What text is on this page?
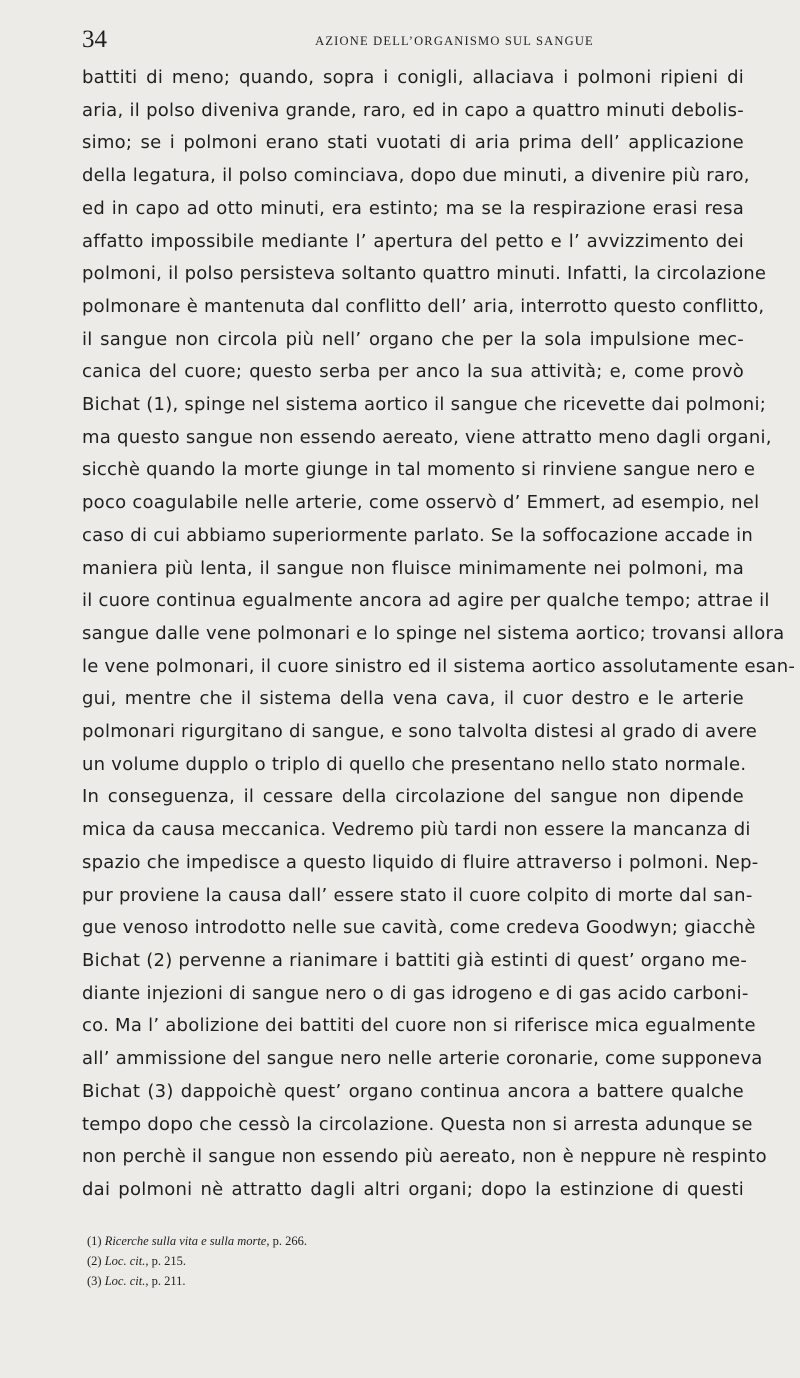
34	AZIONE DELL’ORGANISMO SUL SANGUE
battiti di meno; quando, sopra i conigli, allaciava i polmoni ripieni di
aria, il polso diveniva grande, raro, ed in capo a quattro minuti debolis-
simo; se i polmoni erano stati vuotati di aria prima dell’ applicazione
della legatura, il polso cominciava, dopo due minuti, a divenire più raro,
ed in capo ad otto minuti, era estinto; ma se la respirazione erasi resa
affatto impossibile mediante l’ apertura del petto e l’ avvizzimento dei
polmoni, il polso persisteva soltanto quattro minuti. Infatti, la circolazione
polmonare è mantenuta dal conflitto dell’ aria, interrotto questo conflitto,
il sangue non circola più nell’ organo che per la sola impulsione mec-
canica del cuore; questo serba per anco la sua attività; e, come provò
Bichat (1), spinge nel sistema aortico il sangue che ricevette dai polmoni;
ma questo sangue non essendo aereato, viene attratto meno dagli organi,
sicchè quando la morte giunge in tal momento si rinviene sangue nero e
poco coagulabile nelle arterie, come osservò d’ Emmert, ad esempio, nel
caso di cui abbiamo superiormente parlato. Se la soffocazione accade in
maniera più lenta, il sangue non fluisce minimamente nei polmoni, ma
il cuore continua egualmente ancora ad agire per qualche tempo; attrae il
sangue dalle vene polmonari e lo spinge nel sistema aortico; trovansi allora
le vene polmonari, il cuore sinistro ed il sistema aortico assolutamente esan-
gui, mentre che il sistema della vena cava, il cuor destro e le arterie
polmonari rigurgitano di sangue, e sono talvolta distesi al grado di avere
un volume dupplo o triplo di quello che presentano nello stato normale.
In conseguenza, il cessare della circolazione del sangue non dipende
mica da causa meccanica. Vedremo più tardi non essere la mancanza di
spazio che impedisce a questo liquido di fluire attraverso i polmoni. Nep-
pur proviene la causa dall’ essere stato il cuore colpito di morte dal san-
gue venoso introdotto nelle sue cavità, come credeva Goodwyn; giacchè
Bichat (2) pervenne a rianimare i battiti già estinti di quest’ organo me-
diante injezioni di sangue nero o di gas idrogeno e di gas acido carboni-
co. Ma l’ abolizione dei battiti del cuore non si riferisce mica egualmente
all’ ammissione del sangue nero nelle arterie coronarie, come supponeva
Bichat (3) dappoichè quest’ organo continua ancora a battere qualche
tempo dopo che cessò la circolazione. Questa non si arresta adunque se
non perchè il sangue non essendo più aereato, non è neppure nè respinto
dai polmoni nè attratto dagli altri organi; dopo la estinzione di questi
(1) Ricerche sulla vita e sulla morte, p. 266.
(2) Loc. cit., p. 215.
(3) Loc. cit., p. 211.
